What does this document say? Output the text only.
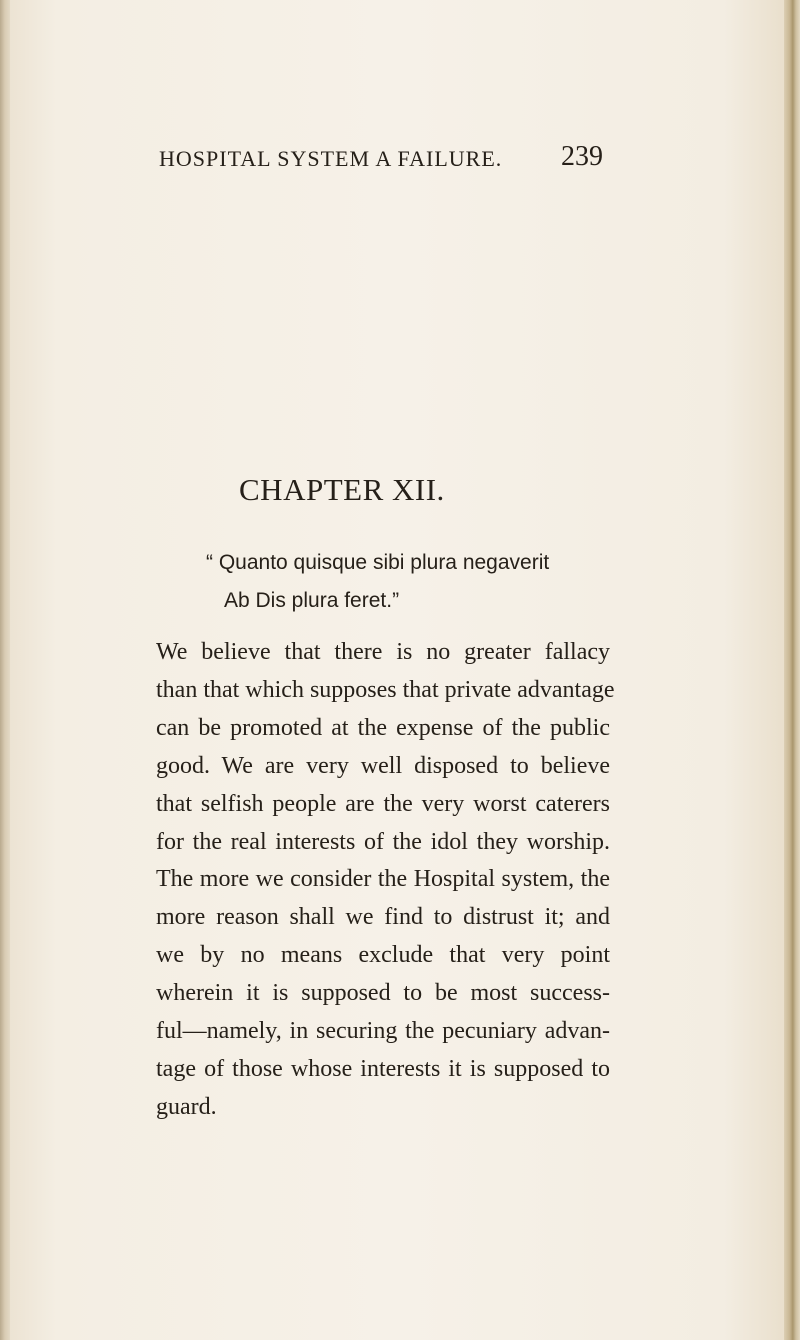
HOSPITAL SYSTEM A FAILURE. 239
CHAPTER XII.
“ Quanto quisque sibi plura negaverit
Ab Dis plura feret.”
We believe that there is no greater fallacy
than that which supposes that private advantage
can be promoted at the expense of the public
good. We are very well disposed to believe
that selfish people are the very worst caterers
for the real interests of the idol they worship.
The more we consider the Hospital system, the
more reason shall we find to distrust it; and
we by no means exclude that very point
wherein it is supposed to be most success-
ful—namely, in securing the pecuniary advan-
tage of those whose interests it is supposed to
guard.
